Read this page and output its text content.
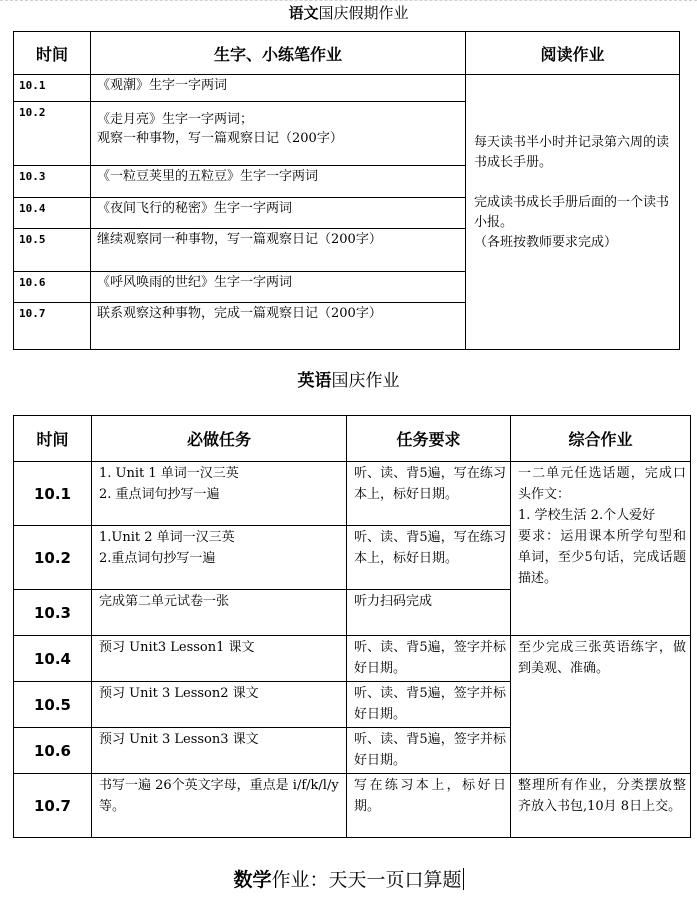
语文国庆假期作业
时间	生字、小练笔作业	阅读作业
10.1	《观潮》生字一字两词	每天读书半小时并记录第六周的读书成长手册。

完成读书成长手册后面的一个读书小报。

（各班按教师要求完成）

10.2	《走月亮》生字一字两词；
观察一种事物，写一篇观察日记（200字）	

10.3	《一粒豆荚里的五粒豆》生字一字两词	

10.4	《夜间飞行的秘密》生字一字两词	

10.5	继续观察同一种事物，写一篇观察日记（200字）	

10.6	《呼风唤雨的世纪》生字一字两词	

10.7	联系观察这种事物，完成一篇观察日记（200字）	
英语国庆作业
时间	必做任务	任务要求	综合作业
10.1	1. Unit 1 单词一汉三英
2. 重点词句抄写一遍	听、读、背5遍，写在练习本上，标好日期。	一二单元任选话题，完成口头作文：
1. 学校生活 2.个人爱好
要求：运用课本所学句型和单词，至少5句话，完成话题描述。

10.2	1.Unit 2 单词一汉三英
2.重点词句抄写一遍	听、读、背5遍，写在练习本上，标好日期。	
10.3	完成第二单元试卷一张	听力扫码完成	
10.4	预习 Unit3 Lesson1 课文	听、读、背5遍，签字并标好日期。	至少完成三张英语练字，做到美观、准确。
10.5	预习 Unit 3 Lesson2 课文	听、读、背5遍，签字并标好日期。	
10.6	预习 Unit 3 Lesson3 课文	听、读、背5遍，签字并标好日期。	
10.7	书写一遍 26个英文字母，重点是 i/f/k/l/y 等。	写在练习本上，标好日期。	整理所有作业，分类摆放整齐放入书包,10月 8日上交。
数学作业：天天一页口算题
